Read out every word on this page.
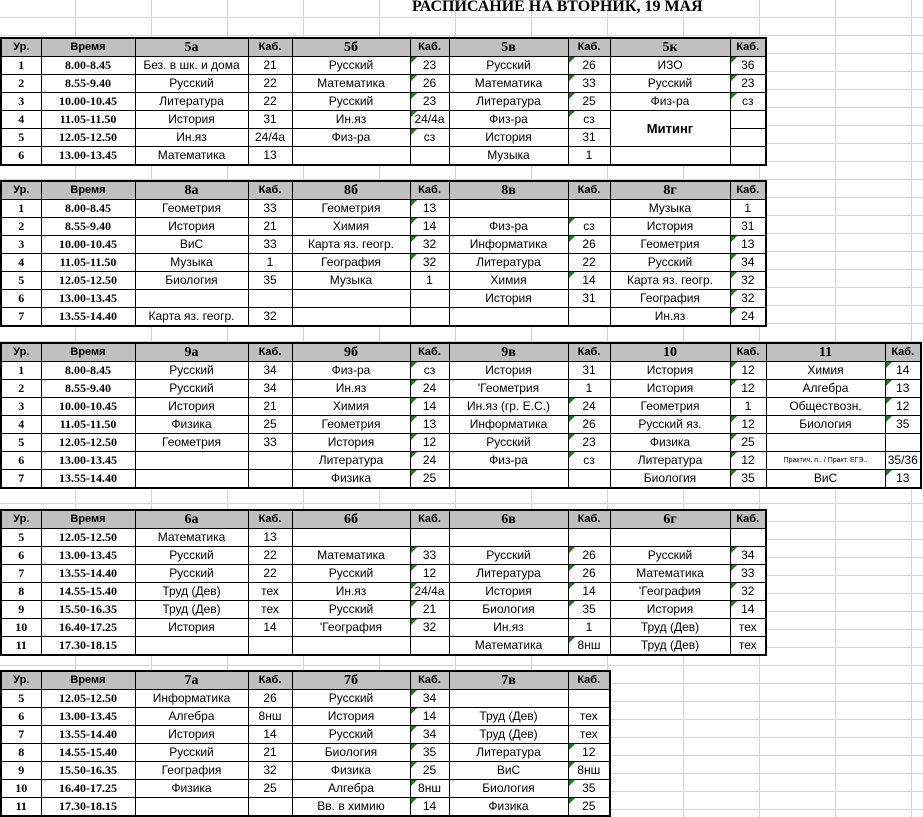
РАСПИСАНИЕ НА ВТОРНИК, 19 МАЯ
Ур.	Время	5а	Каб.	5б	Каб.	5в	Каб.	5к	Каб.
1	8.00-8.45	Без. в шк. и дома	21	Русский	23	Русский	26	ИЗО	36
2	8.55-9.40	Русский	22	Математика	26	Математика	33	Русский	23
3	10.00-10.45	Литература	22	Русский	23	Литература	25	Физ-ра	сз
4	11.05-11.50	История	31	Ин.яз	24/4а	Физ-ра	сз	Митинг	
5	12.05-12.50	Ин.яз	24/4а	Физ-ра	сз	История	31		
6	13.00-13.45	Математика	13			Музыка	1		
Ур.	Время	8а	Каб.	8б	Каб.	8в	Каб.	8г	Каб.
1	8.00-8.45	Геометрия	33	Геометрия	13			Музыка	1
2	8.55-9.40	История	21	Химия	14	Физ-ра	сз	История	31
3	10.00-10.45	ВиС	33	Карта яз. геогр.	32	Информатика	26	Геометрия	13
4	11.05-11.50	Музыка	1	География	32	Литература	22	Русский	34
5	12.05-12.50	Биология	35	Музыка	1	Химия	14	Карта яз. геогр.	32
6	13.00-13.45					История	31	География	32
7	13.55-14.40	Карта яз. геогр.	32					Ин.яз	24
Ур.	Время	9а	Каб.	9б	Каб.	9в	Каб.	10	Каб.	11	Каб.
1	8.00-8.45	Русский	34	Физ-ра	сз	История	31	История	12	Химия	14
2	8.55-9.40	Русский	34	Ин.яз	24	'Геометрия	1	История	12	Алгебра	13
3	10.00-10.45	История	21	Химия	14	Ин.яз (гр. Е.С.)	24	Геометрия	1	Обществозн.	12
4	11.05-11.50	Физика	25	Геометрия	13	Информатика	26	Русский яз.	12	Биология	35
5	12.05-12.50	Геометрия	33	История	12	Русский	23	Физика	25		
6	13.00-13.45			Литература	24	Физ-ра	сз	Литература	12	Практич. п.. / Практ. ЕГЭ..	35/36
7	13.55-14.40			Физика	25			Биология	35	ВиС	13
Ур.	Время	6а	Каб.	6б	Каб.	6в	Каб.	6г	Каб.
5	12.05-12.50	Математика	13						
6	13.00-13.45	Русский	22	Математика	33	Русский	26	Русский	34
7	13.55-14.40	Русский	22	Русский	12	Литература	26	Математика	33
8	14.55-15.40	Труд (Дев)	тех	Ин.яз	24/4а	История	14	'География	32
9	15.50-16.35	Труд (Дев)	тех	Русский	21	Биология	35	История	14
10	16.40-17.25	История	14	'География	32	Ин.яз	1	Труд (Дев)	тех
11	17.30-18.15					Математика	8нш	Труд (Дев)	тех
Ур.	Время	7а	Каб.	7б	Каб.	7в	Каб.
5	12.05-12.50	Информатика	26	Русский	34		
6	13.00-13.45	Алгебра	8нш	История	14	Труд (Дев)	тех
7	13.55-14.40	История	14	Русский	34	Труд (Дев)	тех
8	14.55-15.40	Русский	21	Биология	35	Литература	12
9	15.50-16.35	География	32	Физика	25	ВиС	8нш
10	16.40-17.25	Физика	25	Алгебра	8нш	Биология	35
11	17.30-18.15			Вв. в химию	14	Физика	25
